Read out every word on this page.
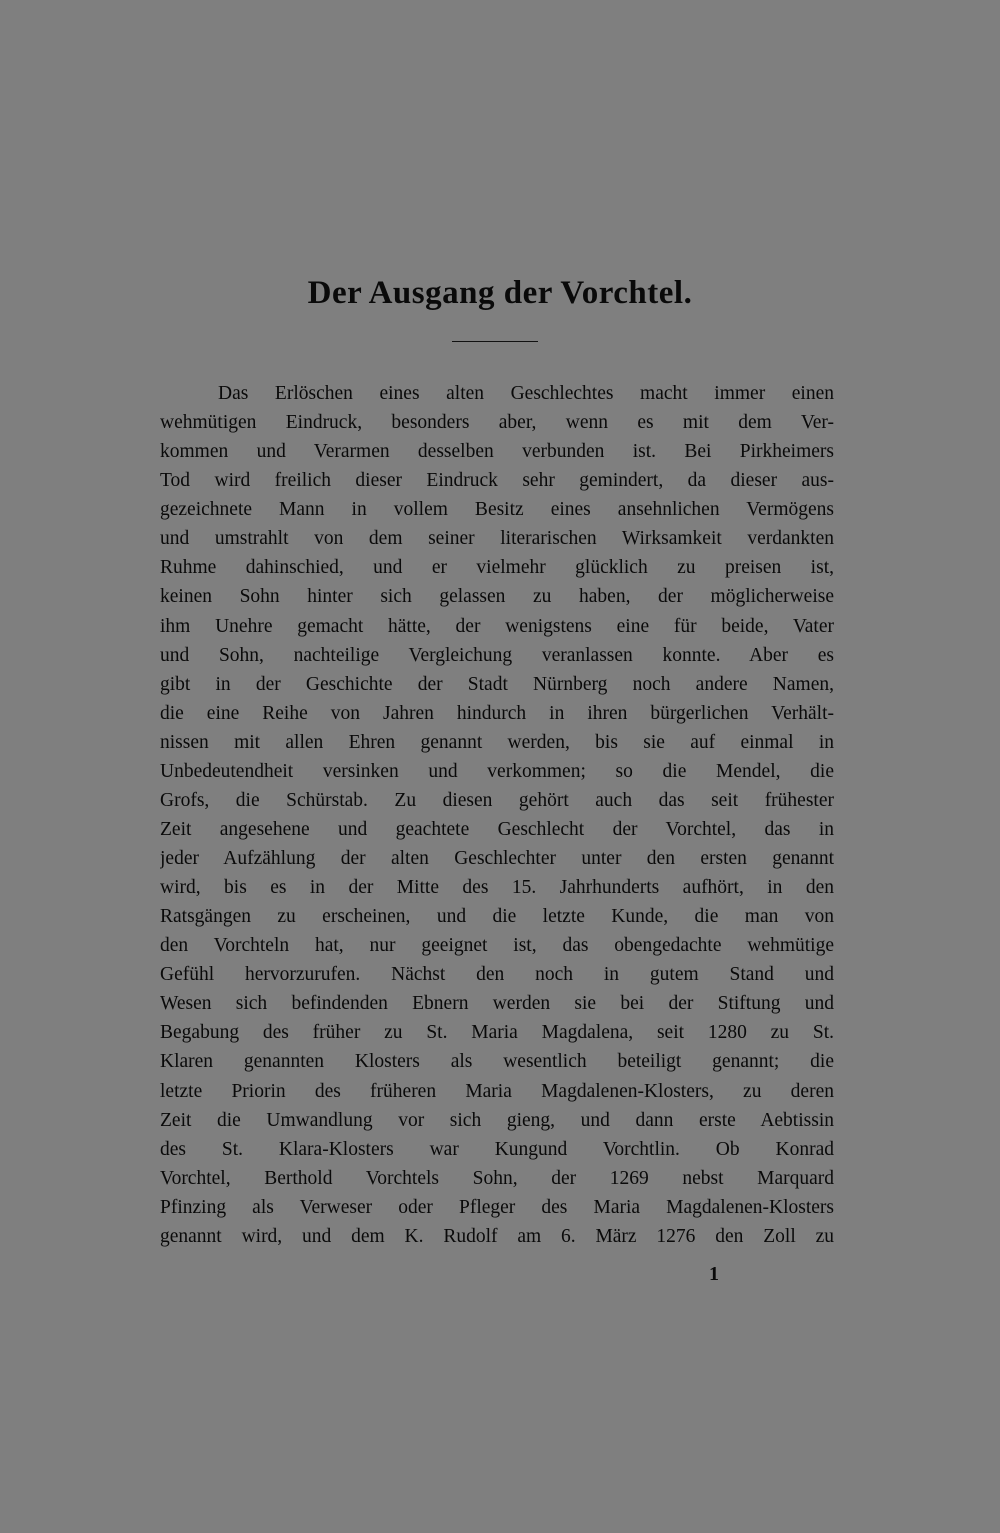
Der Ausgang der Vorchtel.
Das Erlöschen eines alten Geschlechtes macht immer einen
wehmütigen Eindruck, besonders aber, wenn es mit dem Ver-
kommen und Verarmen desselben verbunden ist. Bei Pirkheimers
Tod wird freilich dieser Eindruck sehr gemindert, da dieser aus-
gezeichnete Mann in vollem Besitz eines ansehnlichen Vermögens
und umstrahlt von dem seiner literarischen Wirksamkeit verdankten
Ruhme dahinschied, und er vielmehr glücklich zu preisen ist,
keinen Sohn hinter sich gelassen zu haben, der möglicherweise
ihm Unehre gemacht hätte, der wenigstens eine für beide, Vater
und Sohn, nachteilige Vergleichung veranlassen konnte. Aber es
gibt in der Geschichte der Stadt Nürnberg noch andere Namen,
die eine Reihe von Jahren hindurch in ihren bürgerlichen Verhält-
nissen mit allen Ehren genannt werden, bis sie auf einmal in
Unbedeutendheit versinken und verkommen; so die Mendel, die
Grofs, die Schürstab. Zu diesen gehört auch das seit frühester
Zeit angesehene und geachtete Geschlecht der Vorchtel, das in
jeder Aufzählung der alten Geschlechter unter den ersten genannt
wird, bis es in der Mitte des 15. Jahrhunderts aufhört, in den
Ratsgängen zu erscheinen, und die letzte Kunde, die man von
den Vorchteln hat, nur geeignet ist, das obengedachte wehmütige
Gefühl hervorzurufen. Nächst den noch in gutem Stand und
Wesen sich befindenden Ebnern werden sie bei der Stiftung und
Begabung des früher zu St. Maria Magdalena, seit 1280 zu St.
Klaren genannten Klosters als wesentlich beteiligt genannt; die
letzte Priorin des früheren Maria Magdalenen-Klosters, zu deren
Zeit die Umwandlung vor sich gieng, und dann erste Aebtissin
des St. Klara-Klosters war Kungund Vorchtlin. Ob Konrad
Vorchtel, Berthold Vorchtels Sohn, der 1269 nebst Marquard
Pfinzing als Verweser oder Pfleger des Maria Magdalenen-Klosters
genannt wird, und dem K. Rudolf am 6. März 1276 den Zoll zu
1
